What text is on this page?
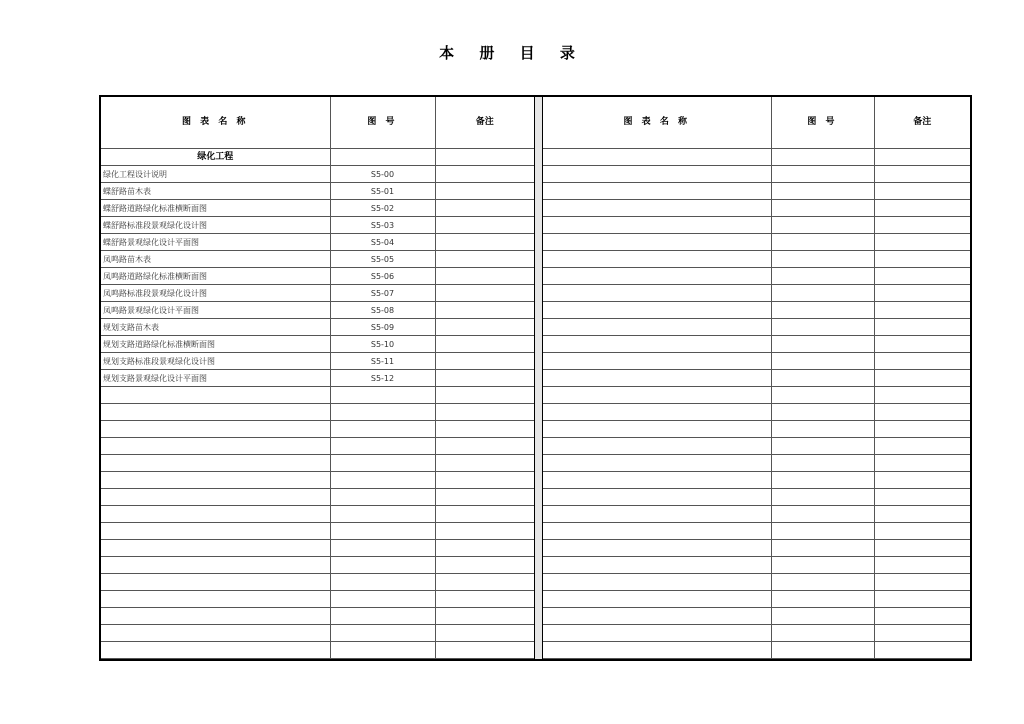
本 册 目 录
图 表 名 称	图 号	备注
绿化工程		
绿化工程设计说明	S5-00	
蝶舒路苗木表	S5-01	
蝶舒路道路绿化标准横断面图	S5-02	
蝶舒路标准段景观绿化设计图	S5-03	
蝶舒路景观绿化设计平面图	S5-04	
凤鸣路苗木表	S5-05	
凤鸣路道路绿化标准横断面图	S5-06	
凤鸣路标准段景观绿化设计图	S5-07	
凤鸣路景观绿化设计平面图	S5-08	
规划支路苗木表	S5-09	
规划支路道路绿化标准横断面图	S5-10	
规划支路标准段景观绿化设计图	S5-11	
规划支路景观绿化设计平面图	S5-12	

图 表 名 称	图 号	备注
